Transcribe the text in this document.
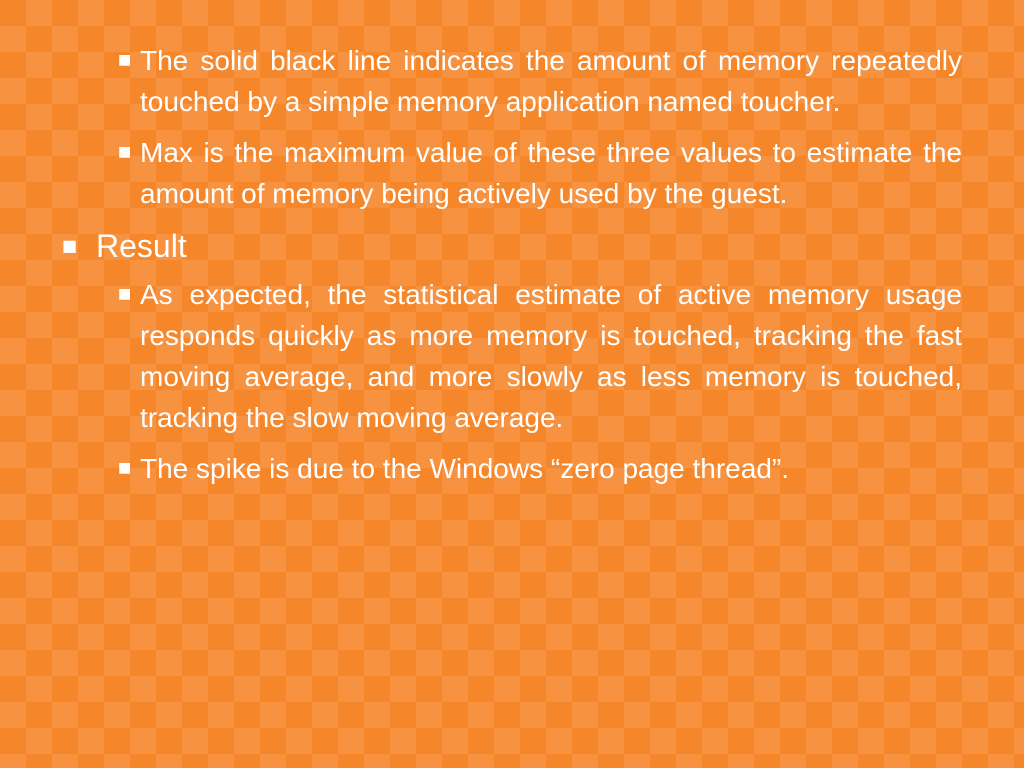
■ The solid black line indicates the amount of memory repeatedly touched by a simple memory application named toucher.
■ Max is the maximum value of these three values to estimate the amount of memory being actively used by the guest.
■ Result
■ As expected, the statistical estimate of active memory usage responds quickly as more memory is touched, tracking the fast moving average, and more slowly as less memory is touched, tracking the slow moving average.
■ The spike is due to the Windows “zero page thread”.
